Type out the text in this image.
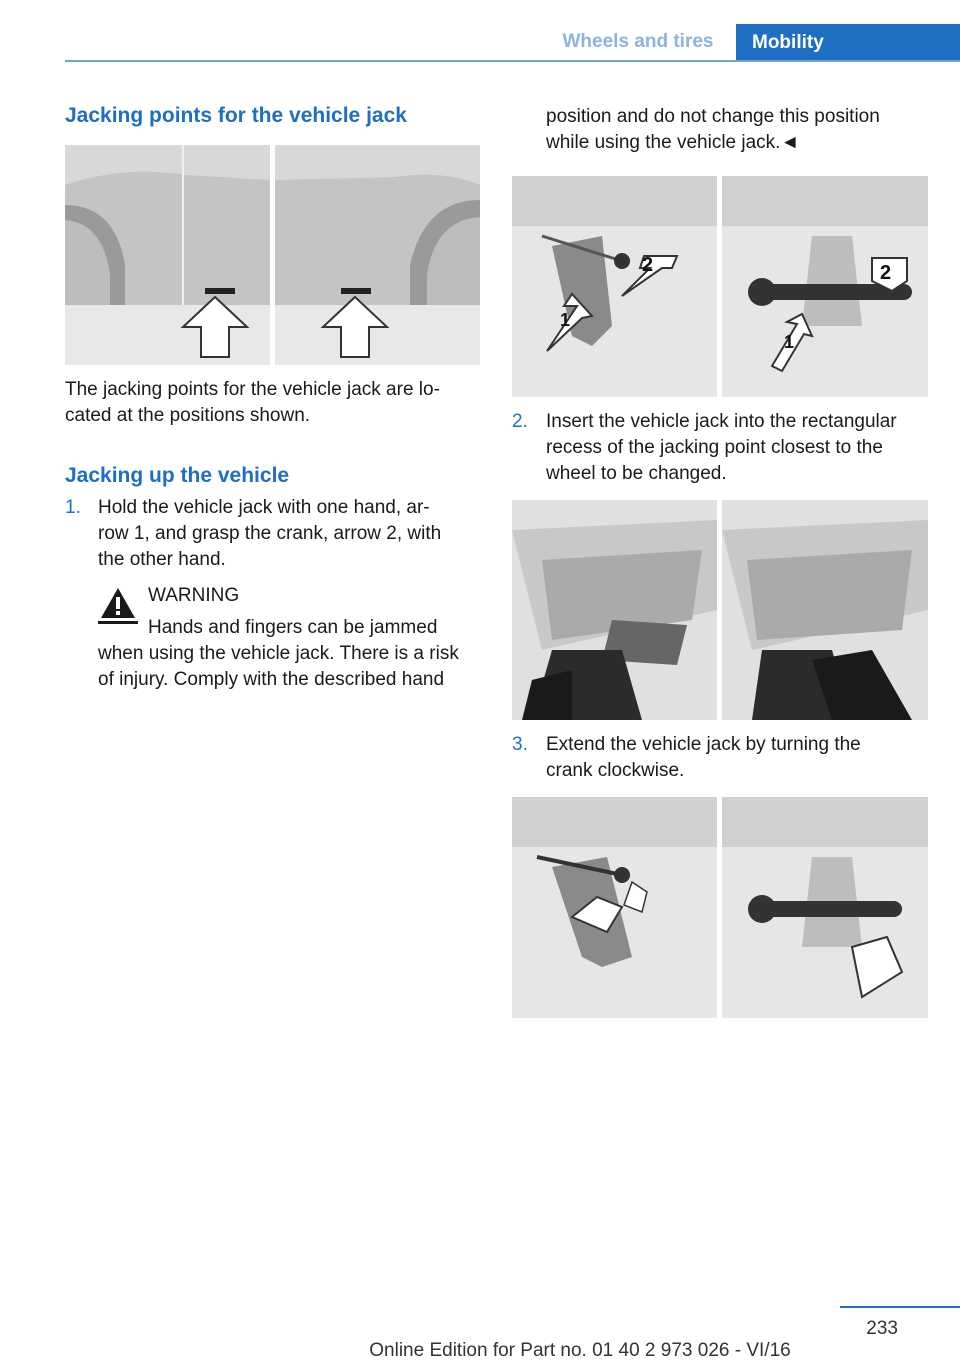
Wheels and tires	Mobility
Jacking points for the vehicle jack
The jacking points for the vehicle jack are lo‐
cated at the positions shown.
Jacking up the vehicle
1. Hold the vehicle jack with one hand, ar‐
row 1, and grasp the crank, arrow 2, with
the other hand.
WARNING
Hands and fingers can be jammed
when using the vehicle jack. There is a risk
of injury. Comply with the described hand
position and do not change this position
while using the vehicle jack.◄
2
1
2
1
2. Insert the vehicle jack into the rectangular
recess of the jacking point closest to the
wheel to be changed.
3. Extend the vehicle jack by turning the
crank clockwise.
233
Online Edition for Part no. 01 40 2 973 026 - VI/16
